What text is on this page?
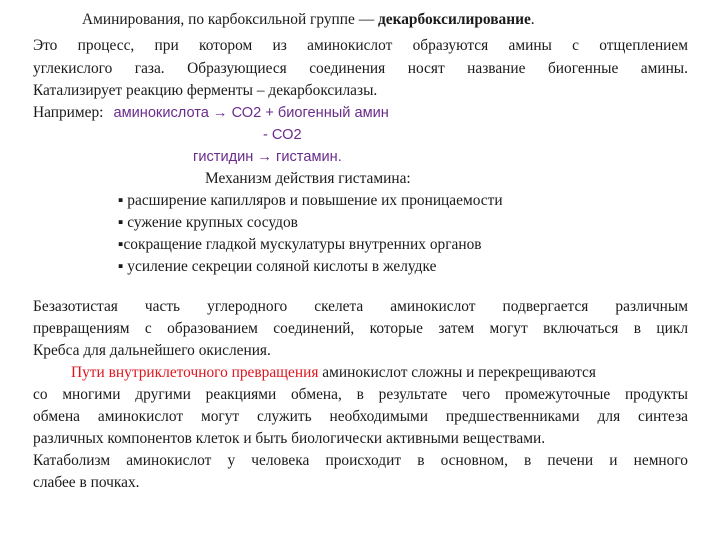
Аминирования, по карбоксильной группе — декарбоксилирование.
Это процесс, при котором из аминокислот образуются амины с отщеплением
углекислого газа. Образующиеся соединения носят название биогенные амины.
Катализирует реакцию ферменты – декарбоксилазы.
Например: аминокислота → СО2 + биогенный амин
- СО2
гистидин → гистамин.
Механизм действия гистамина:
▪ расширение капилляров и повышение их проницаемости
▪ сужение крупных сосудов
▪сокращение гладкой мускулатуры внутренних органов
▪ усиление секреции соляной кислоты в желудке
Безазотистая часть углеродного скелета аминокислот подвергается различным
превращениям с образованием соединений, которые затем могут включаться в цикл
Кребса для дальнейшего окисления.
Пути внутриклеточного превращения аминокислот сложны и перекрещиваются
со многими другими реакциями обмена, в результате чего промежуточные продукты
обмена аминокислот могут служить необходимыми предшественниками для синтеза
различных компонентов клеток и быть биологически активными веществами.
Катаболизм аминокислот у человека происходит в основном, в печени и немного
слабее в почках.
